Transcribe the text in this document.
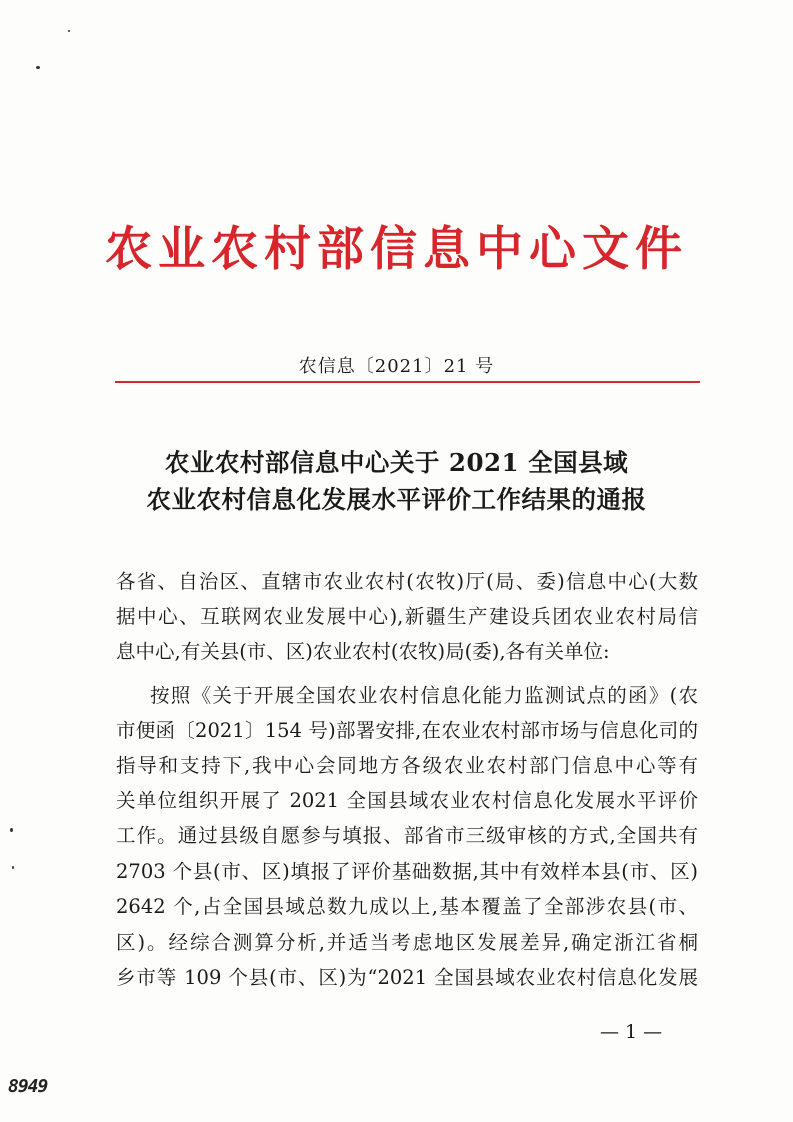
农业农村部信息中心文件
农信息〔2021〕21 号
农业农村部信息中心关于 2021 全国县域
农业农村信息化发展水平评价工作结果的通报
各省、自治区、直辖市农业农村(农牧)厅(局、委)信息中心(大数
据中心、互联网农业发展中心),新疆生产建设兵团农业农村局信
息中心,有关县(市、区)农业农村(农牧)局(委),各有关单位:
按照《关于开展全国农业农村信息化能力监测试点的函》(农
市便函〔2021〕154 号)部署安排,在农业农村部市场与信息化司的
指导和支持下,我中心会同地方各级农业农村部门信息中心等有
关单位组织开展了 2021 全国县域农业农村信息化发展水平评价
工作。通过县级自愿参与填报、部省市三级审核的方式,全国共有
2703 个县(市、区)填报了评价基础数据,其中有效样本县(市、区)
2642 个,占全国县域总数九成以上,基本覆盖了全部涉农县(市、
区)。经综合测算分析,并适当考虑地区发展差异,确定浙江省桐
乡市等 109 个县(市、区)为“2021 全国县域农业农村信息化发展
— 1 —
8949
